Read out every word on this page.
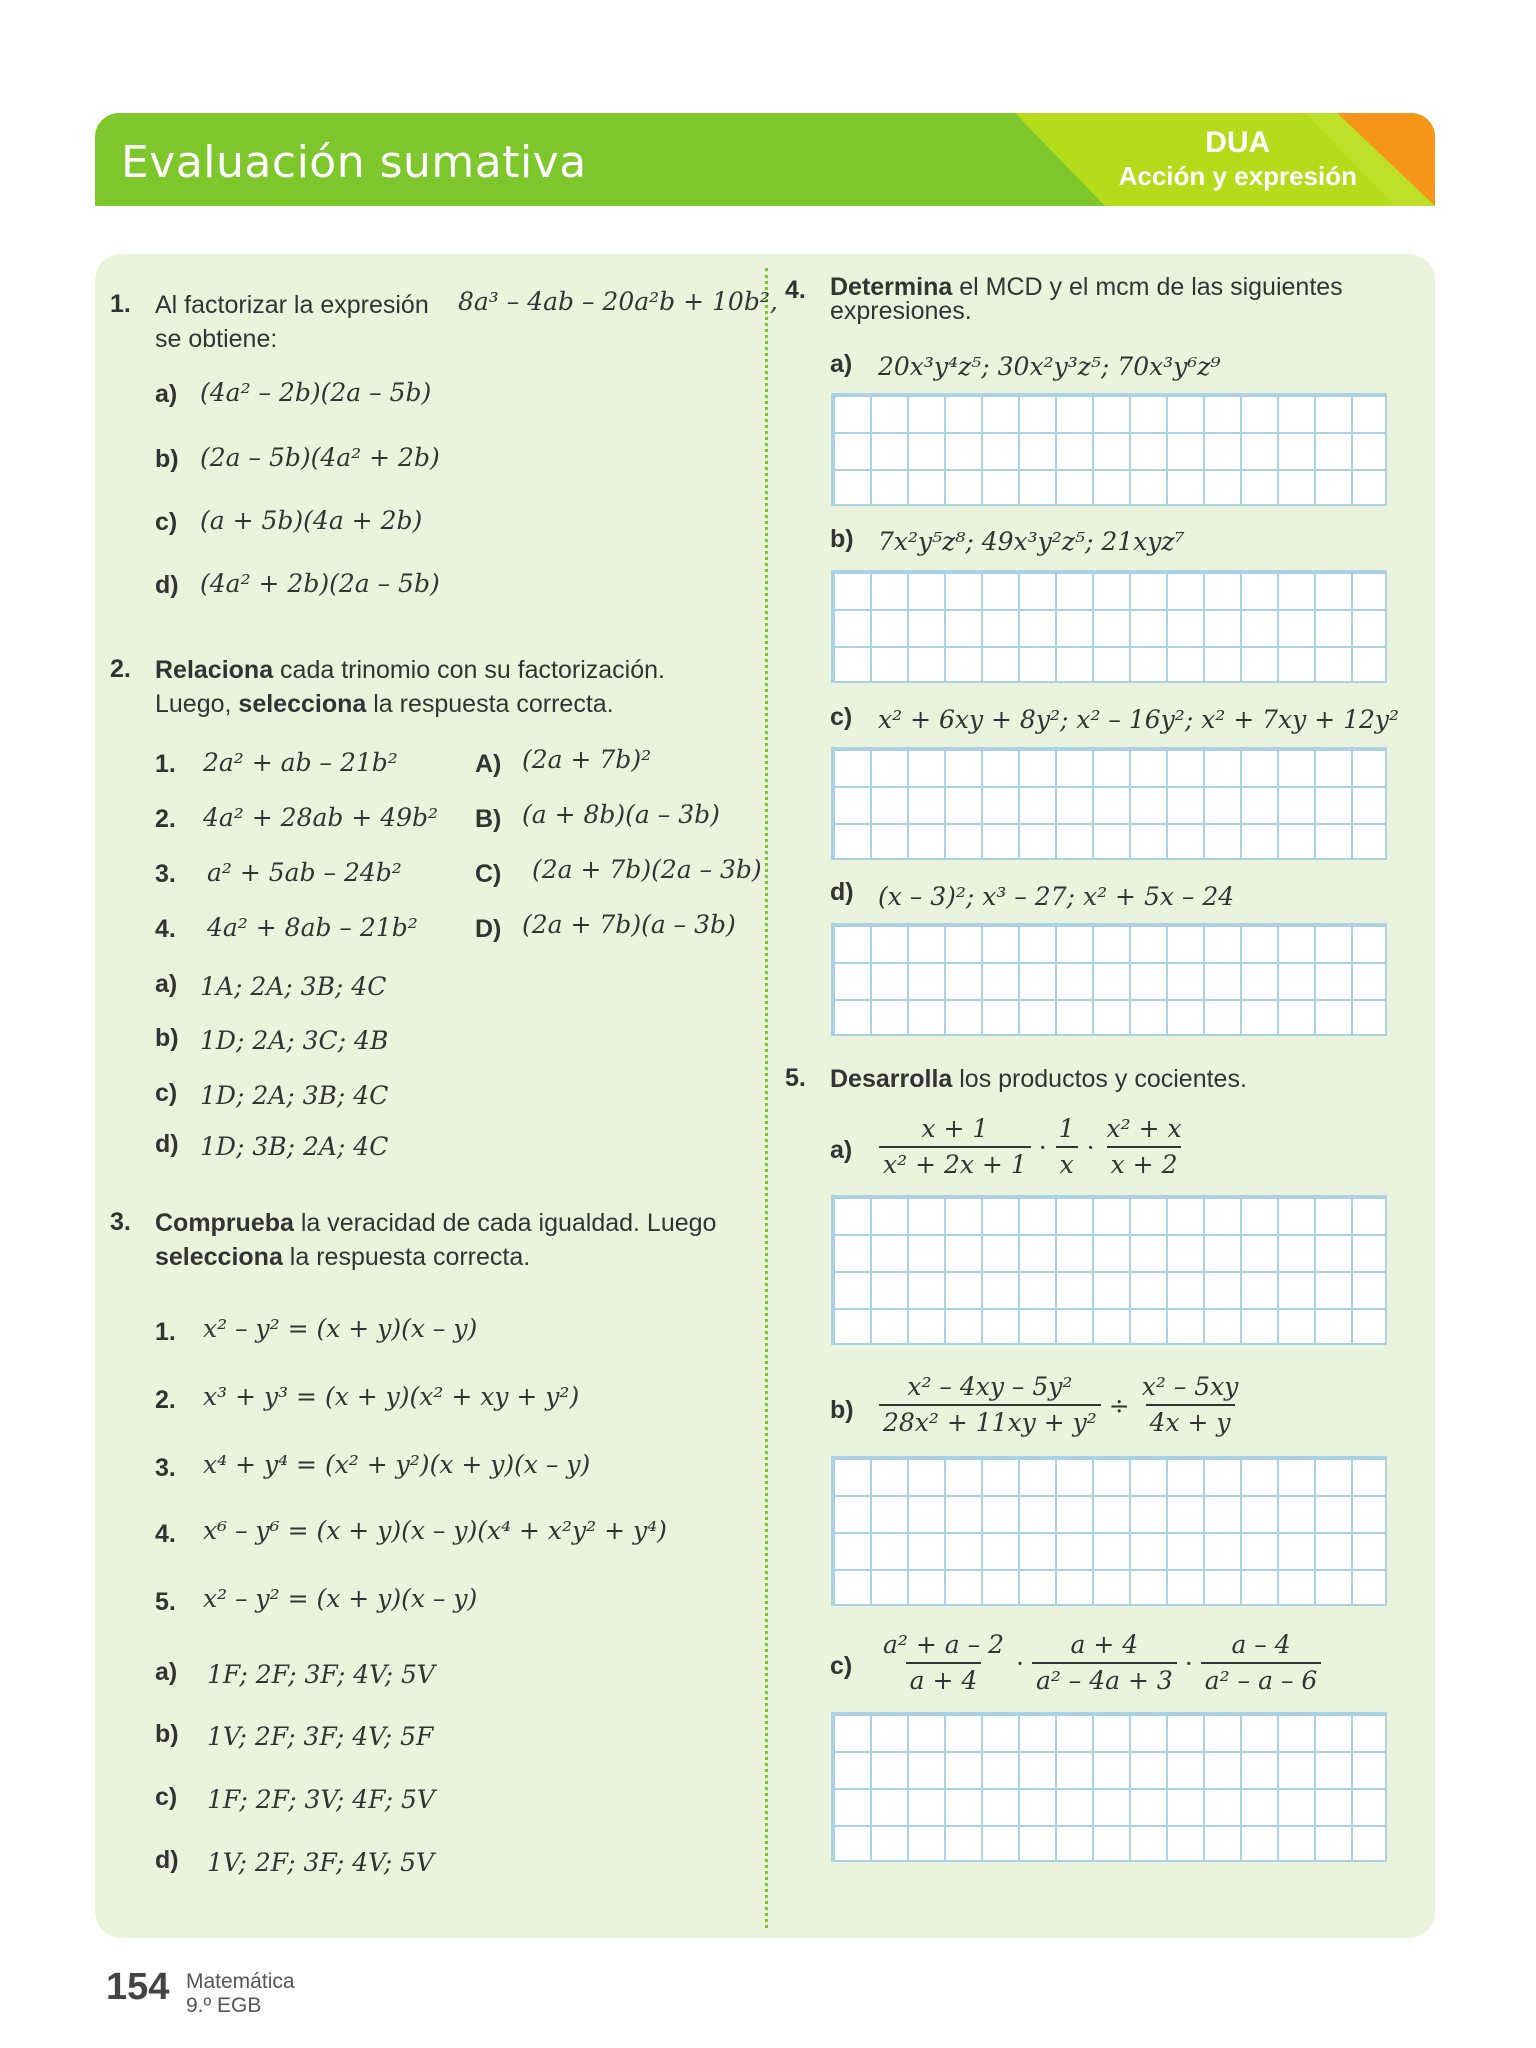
Evaluación sumativa	DUA
Acción y expresión
1. Al factorizar la expresión 8a³ – 4ab – 20a²b + 10b²,
se obtiene:
a) (4a² – 2b)(2a – 5b)
b) (2a – 5b)(4a² + 2b)
c) (a + 5b)(4a + 2b)
d) (4a² + 2b)(2a – 5b)
2. Relaciona cada trinomio con su factorización.
Luego, selecciona la respuesta correcta.
1. 2a² + ab – 21b²
2. 4a² + 28ab + 49b²
3. a² + 5ab – 24b²
4. 4a² + 8ab – 21b²
A) (2a + 7b)²
B) (a + 8b)(a – 3b)
C) (2a + 7b)(2a – 3b)
D) (2a + 7b)(a – 3b)
a) 1A; 2A; 3B; 4C
b) 1D; 2A; 3C; 4B
c) 1D; 2A; 3B; 4C
d) 1D; 3B; 2A; 4C
3. Comprueba la veracidad de cada igualdad. Luego
selecciona la respuesta correcta.
1. x² – y² = (x + y)(x – y)
2. x³ + y³ = (x + y)(x² + xy + y²)
3. x⁴ + y⁴ = (x² + y²)(x + y)(x – y)
4. x⁶ – y⁶ = (x + y)(x – y)(x⁴ + x²y² + y⁴)
5. x² – y² = (x + y)(x – y)
a) 1F; 2F; 3F; 4V; 5V
b) 1V; 2F; 3F; 4V; 5F
c) 1F; 2F; 3V; 4F; 5V
d) 1V; 2F; 3F; 4V; 5V
4. Determina el MCD y el mcm de las siguientes
expresiones.
a) 20x³y⁴z⁵; 30x²y³z⁵; 70x³y⁶z⁹
b) 7x²y⁵z⁸; 49x³y²z⁵; 21xyz⁷
c) x² + 6xy + 8y²; x² – 16y²; x² + 7xy + 12y²
d) (x – 3)²; x³ – 27; x² + 5x – 24
5. Desarrolla los productos y cocientes.
$a) \frac{x + 1}{\text{x² + 2x + 1}} \cdot \frac{1}{x} \cdot \frac{\text{x² + x}}{x + 2}$
$b) \frac{\text{x² – 4xy – 5y²}}{\text{28x² + 11xy + y²}} \div \frac{\text{x² – 5xy}}{4x + y}$
$c) \frac{\text{a² + a – 2}}{a + 4} \cdot \frac{a + 4}{\text{a² – 4a + 3}} \cdot \frac{a - 4}{\text{a² – a – 6}}$
154 Matemática
9.º EGB
